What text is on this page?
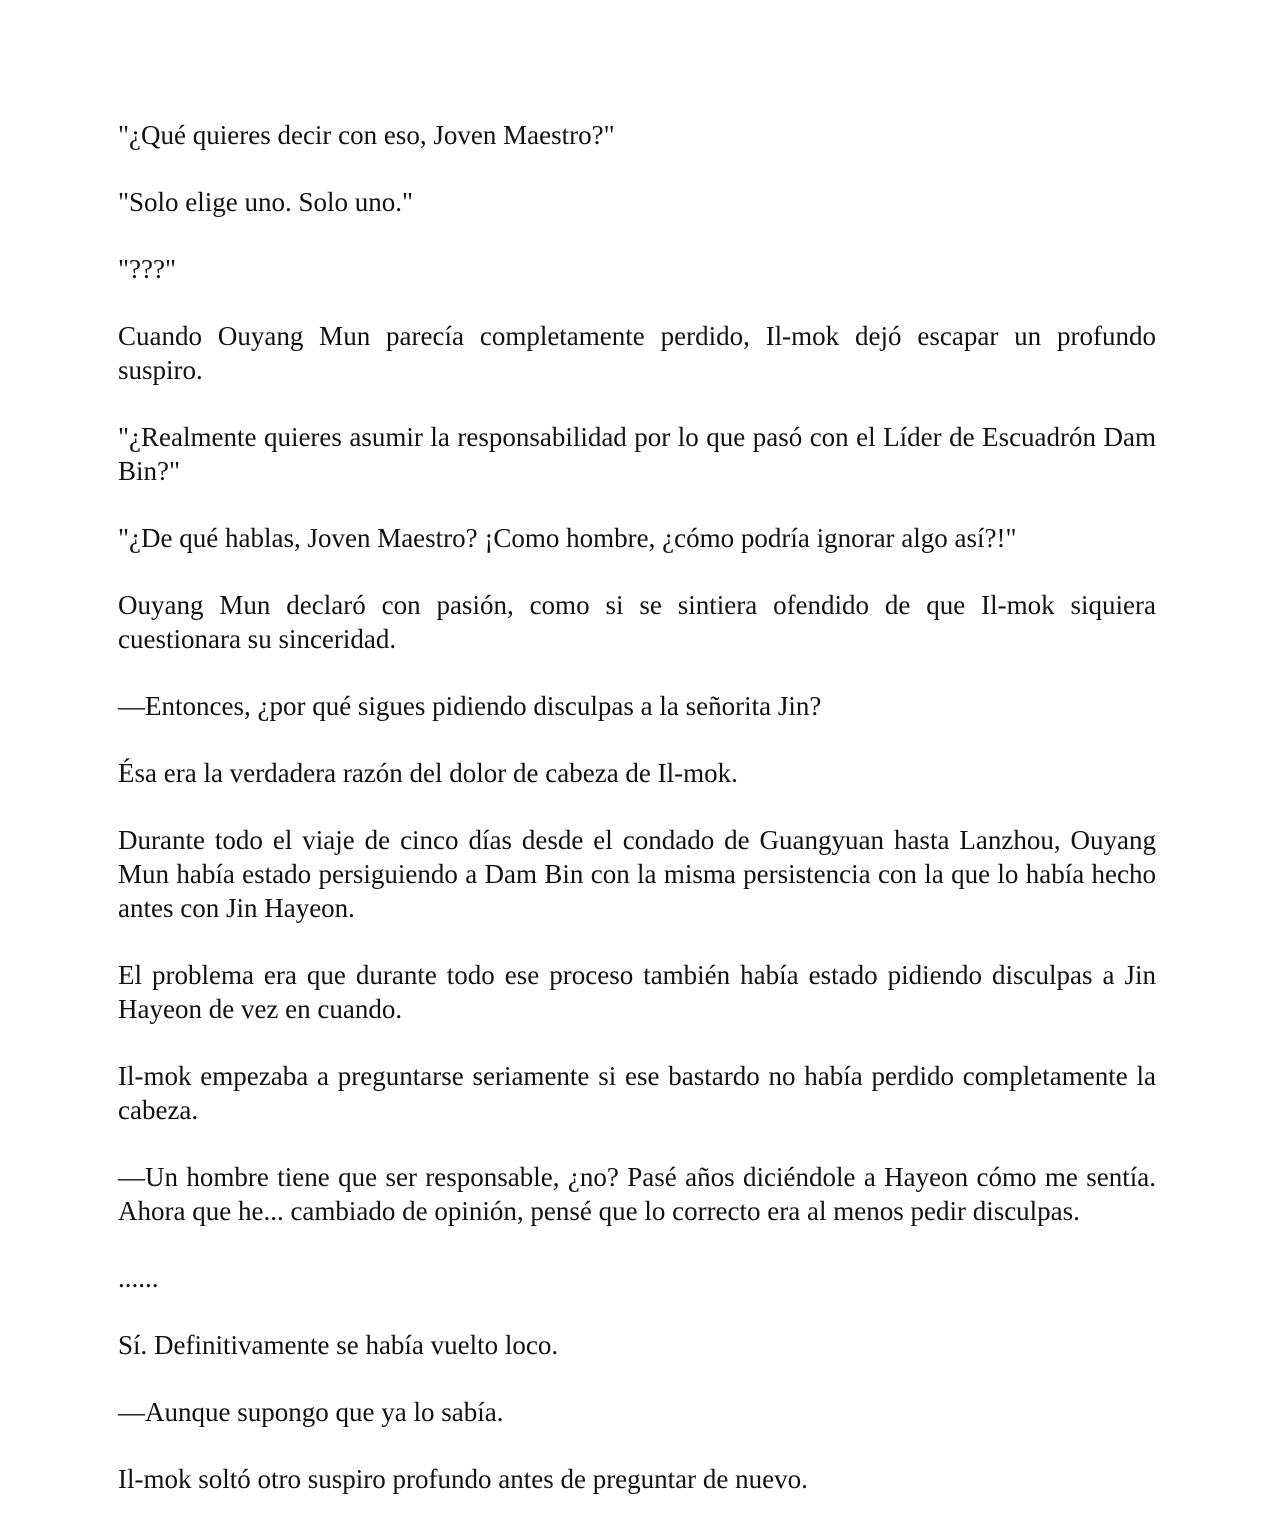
"¿Qué quieres decir con eso, Joven Maestro?"

"Solo elige uno. Solo uno."

"???"

Cuando Ouyang Mun parecía completamente perdido, Il-mok dejó escapar un profundo suspiro.

"¿Realmente quieres asumir la responsabilidad por lo que pasó con el Líder de Escuadrón Dam Bin?"

"¿De qué hablas, Joven Maestro? ¡Como hombre, ¿cómo podría ignorar algo así?!"

Ouyang Mun declaró con pasión, como si se sintiera ofendido de que Il-mok siquiera cuestionara su sinceridad.

—Entonces, ¿por qué sigues pidiendo disculpas a la señorita Jin?

Ésa era la verdadera razón del dolor de cabeza de Il-mok.

Durante todo el viaje de cinco días desde el condado de Guangyuan hasta Lanzhou, Ouyang Mun había estado persiguiendo a Dam Bin con la misma persistencia con la que lo había hecho antes con Jin Hayeon.

El problema era que durante todo ese proceso también había estado pidiendo disculpas a Jin Hayeon de vez en cuando.

Il-mok empezaba a preguntarse seriamente si ese bastardo no había perdido completamente la cabeza.

—Un hombre tiene que ser responsable, ¿no? Pasé años diciéndole a Hayeon cómo me sentía. Ahora que he... cambiado de opinión, pensé que lo correcto era al menos pedir disculpas.

......

Sí. Definitivamente se había vuelto loco.

—Aunque supongo que ya lo sabía.

Il-mok soltó otro suspiro profundo antes de preguntar de nuevo.
